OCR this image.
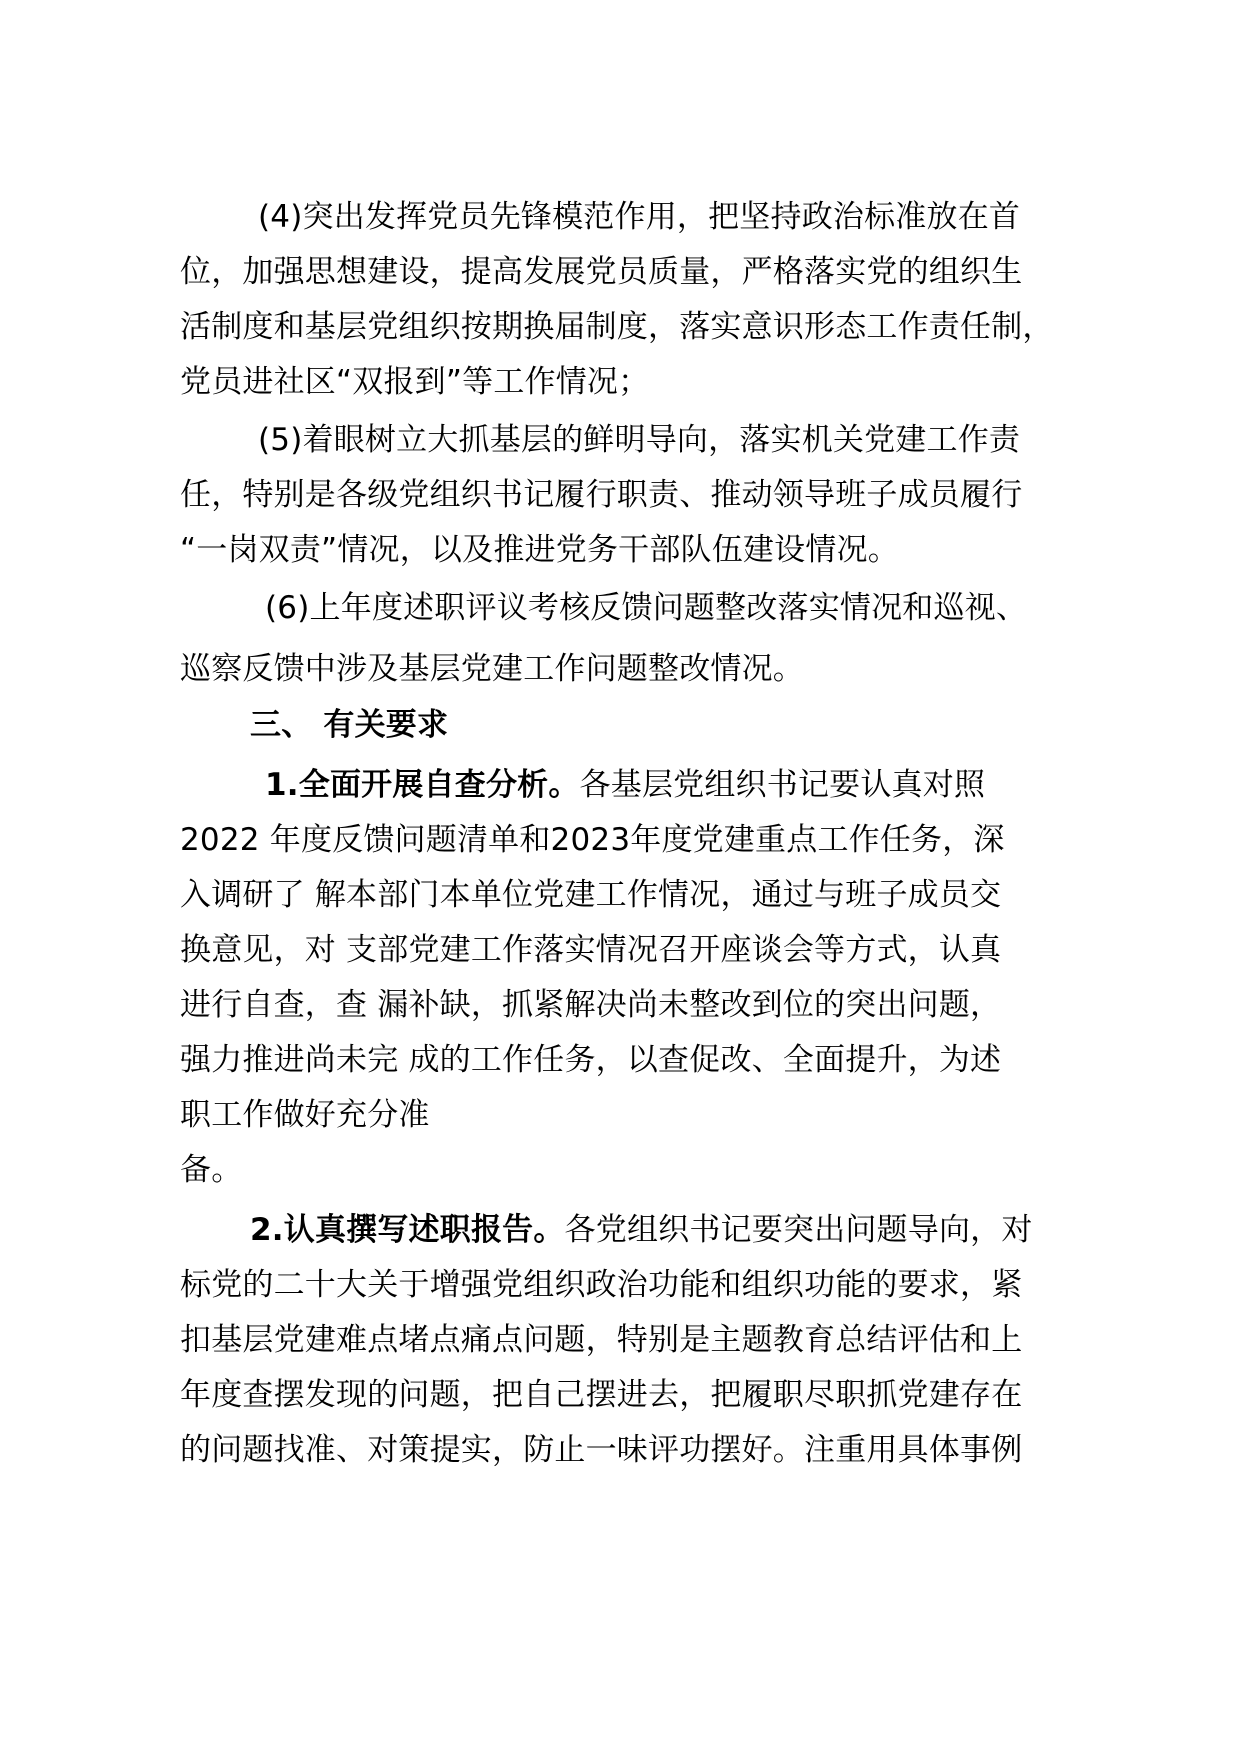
(4)突出发挥党员先锋模范作用，把坚持政治标准放在首
位，加强思想建设，提高发展党员质量，严格落实党的组织生
活制度和基层党组织按期换届制度，落实意识形态工作责任制，
党员进社区“双报到”等工作情况；
(5)着眼树立大抓基层的鲜明导向，落实机关党建工作责
任，特别是各级党组织书记履行职责、推动领导班子成员履行
“一岗双责”情况，以及推进党务干部队伍建设情况。
(6)上年度述职评议考核反馈问题整改落实情况和巡视、
巡察反馈中涉及基层党建工作问题整改情况。
三、 有关要求
1.全面开展自查分析。各基层党组织书记要认真对照
2022 年度反馈问题清单和2023年度党建重点工作任务，深
入调研了 解本部门本单位党建工作情况，通过与班子成员交
换意见，对 支部党建工作落实情况召开座谈会等方式，认真
进行自查，查 漏补缺，抓紧解决尚未整改到位的突出问题，
强力推进尚未完 成的工作任务，以查促改、全面提升，为述
职工作做好充分准
备。
2.认真撰写述职报告。各党组织书记要突出问题导向，对
标党的二十大关于增强党组织政治功能和组织功能的要求，紧
扣基层党建难点堵点痛点问题，特别是主题教育总结评估和上
年度查摆发现的问题，把自己摆进去，把履职尽职抓党建存在
的问题找准、对策提实，防止一味评功摆好。注重用具体事例
